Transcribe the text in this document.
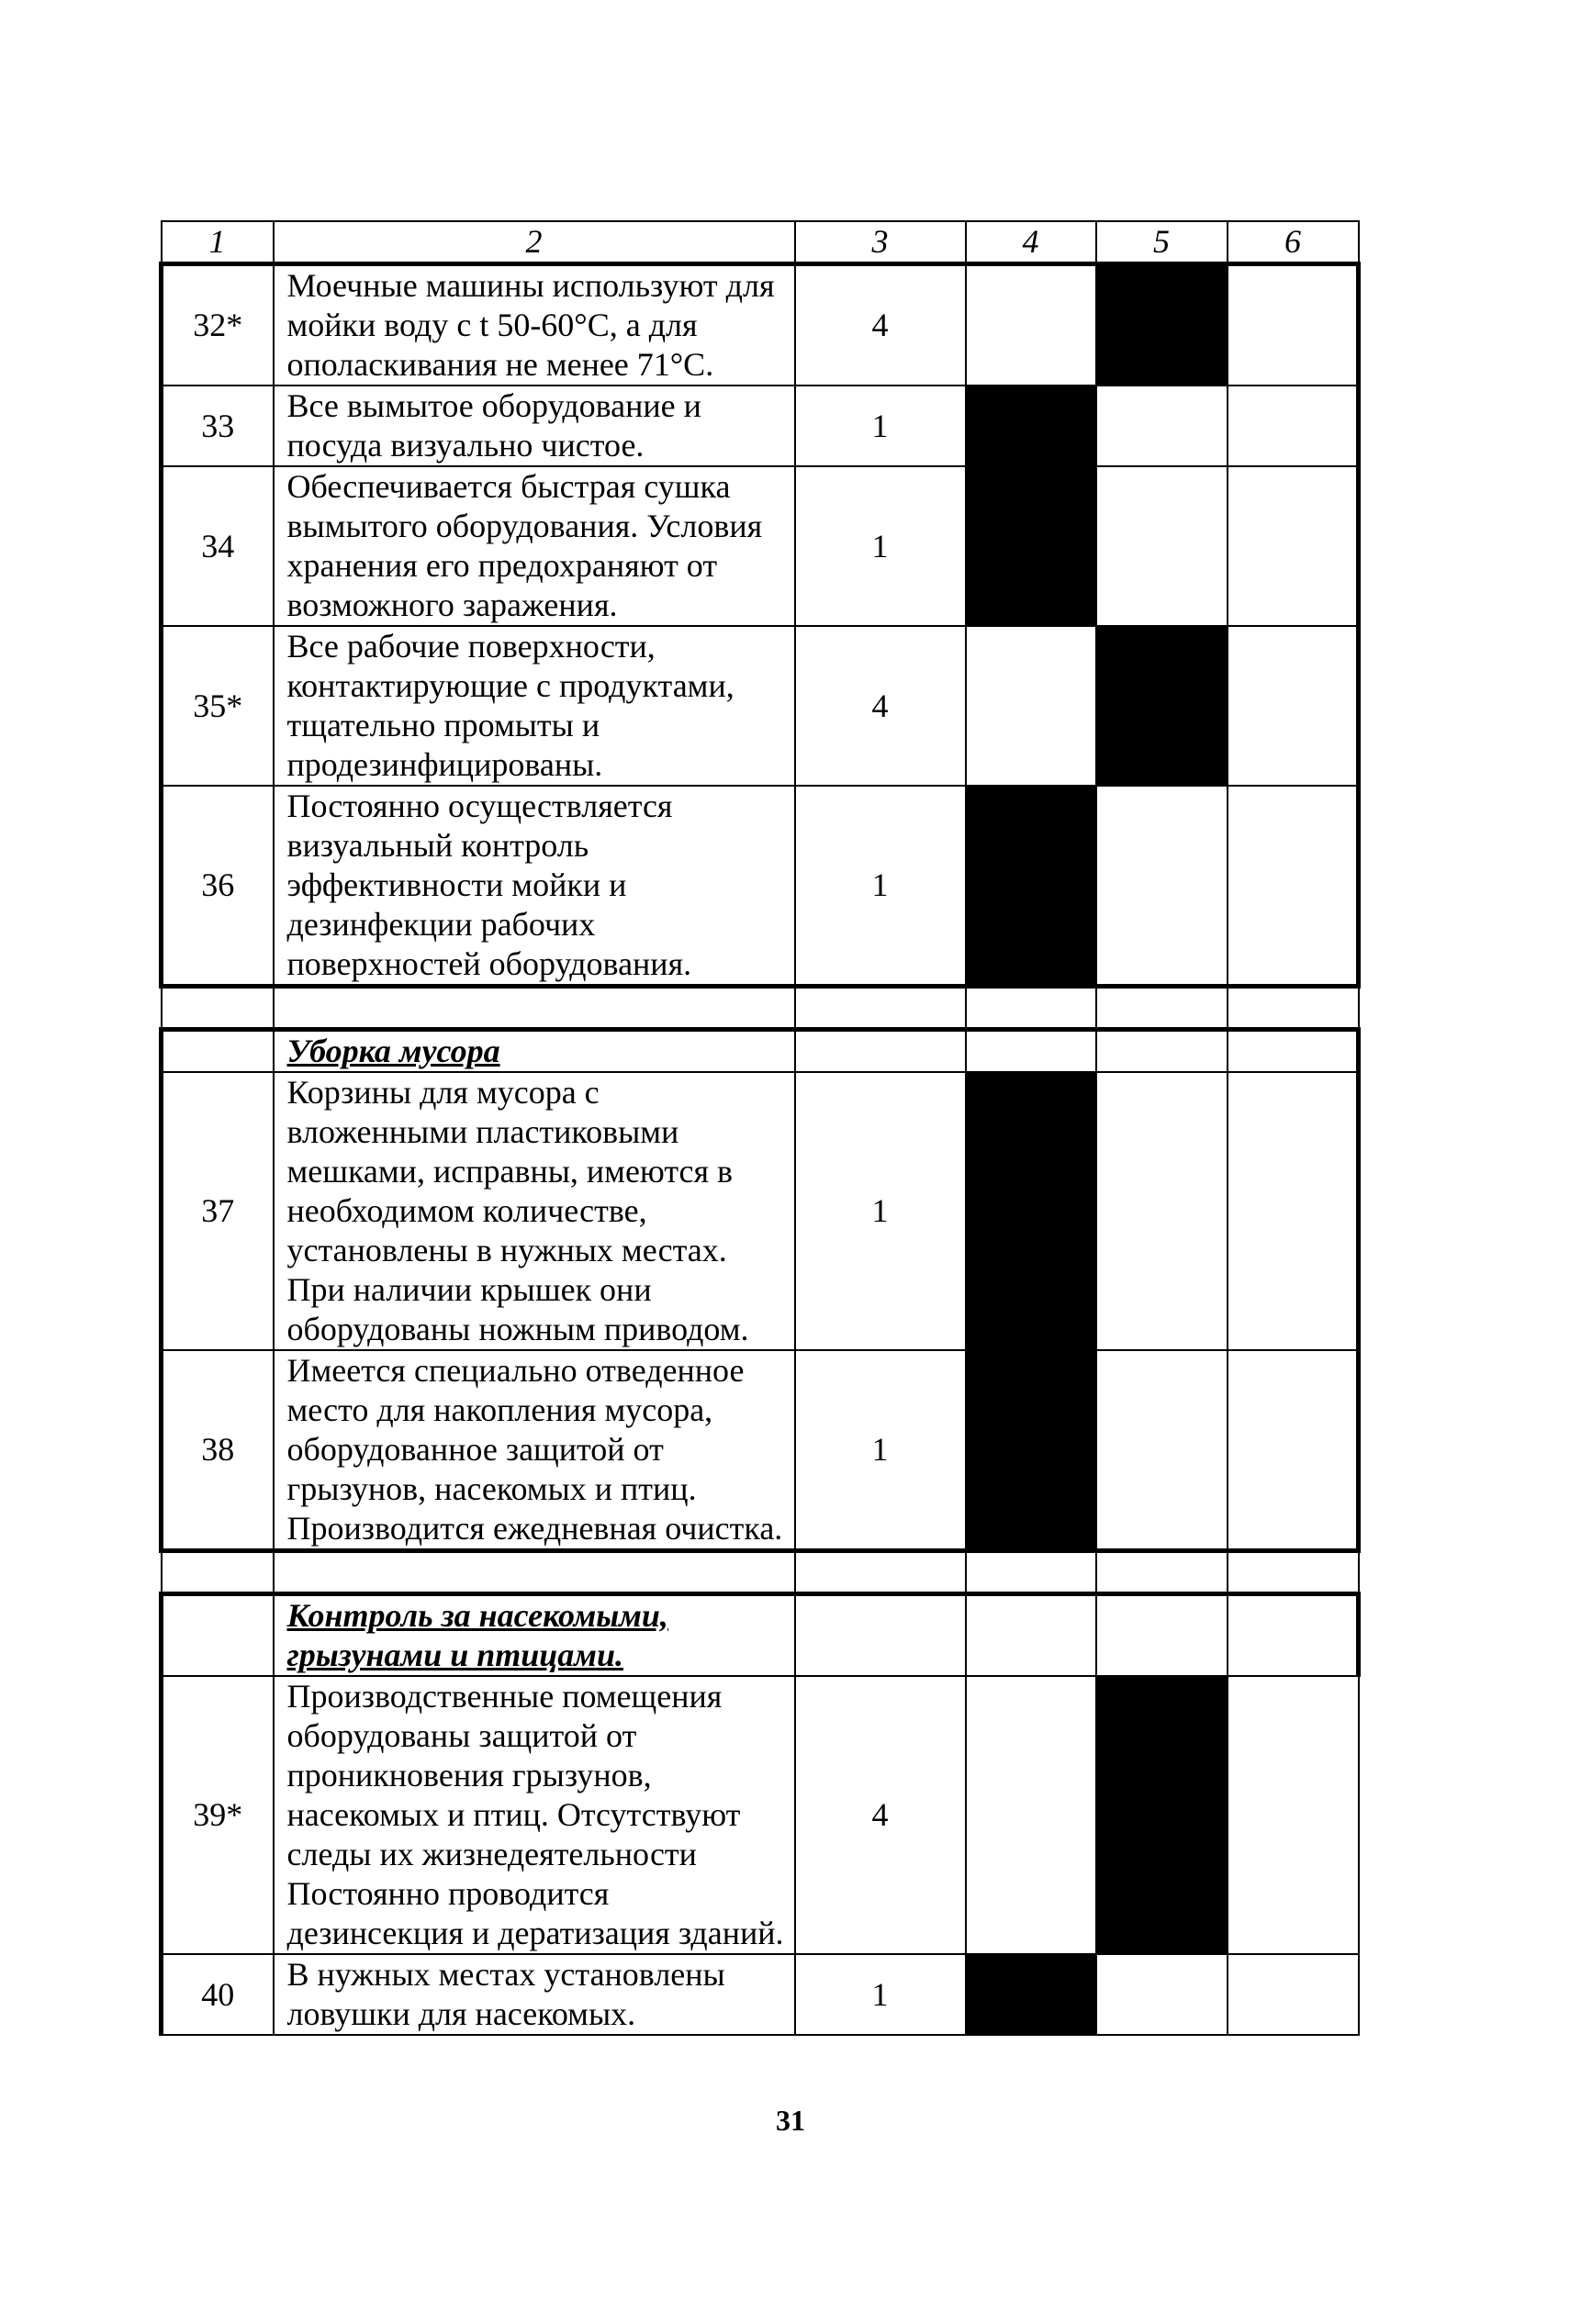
1	2	3	4	5	6
32*	Моечные машины используют для мойки воду с t 50-60°С, а для ополаскивания не менее 71°С.	4			
33	Все вымытое оборудование и посуда визуально чистое.	1			
34	Обеспечивается быстрая сушка вымытого оборудования. Условия хранения его предохраняют от возможного заражения.	1			
35*	Все рабочие поверхности, контактирующие с продуктами, тщательно промыты и продезинфицированы.	4			
36	Постоянно осуществляется визуальный контроль эффективности мойки и дезинфекции рабочих поверхностей оборудования.	1			

	Уборка мусора				
37	Корзины для мусора с вложенными пластиковыми мешками, исправны, имеются в необходимом количестве, установлены в нужных местах. При наличии крышек они оборудованы ножным приводом.	1			
38	Имеется специально отведенное место для накопления мусора, оборудованное защитой от грызунов, насекомых и птиц. Производится ежедневная очистка.	1			

	Контроль за насекомыми, грызунами и птицами.				
39*	Производственные помещения оборудованы защитой от проникновения грызунов, насекомых и птиц. Отсутствуют следы их жизнедеятельности Постоянно проводится дезинсекция и дератизация зданий.	4			
40	В нужных местах установлены ловушки для насекомых.	1			
31
